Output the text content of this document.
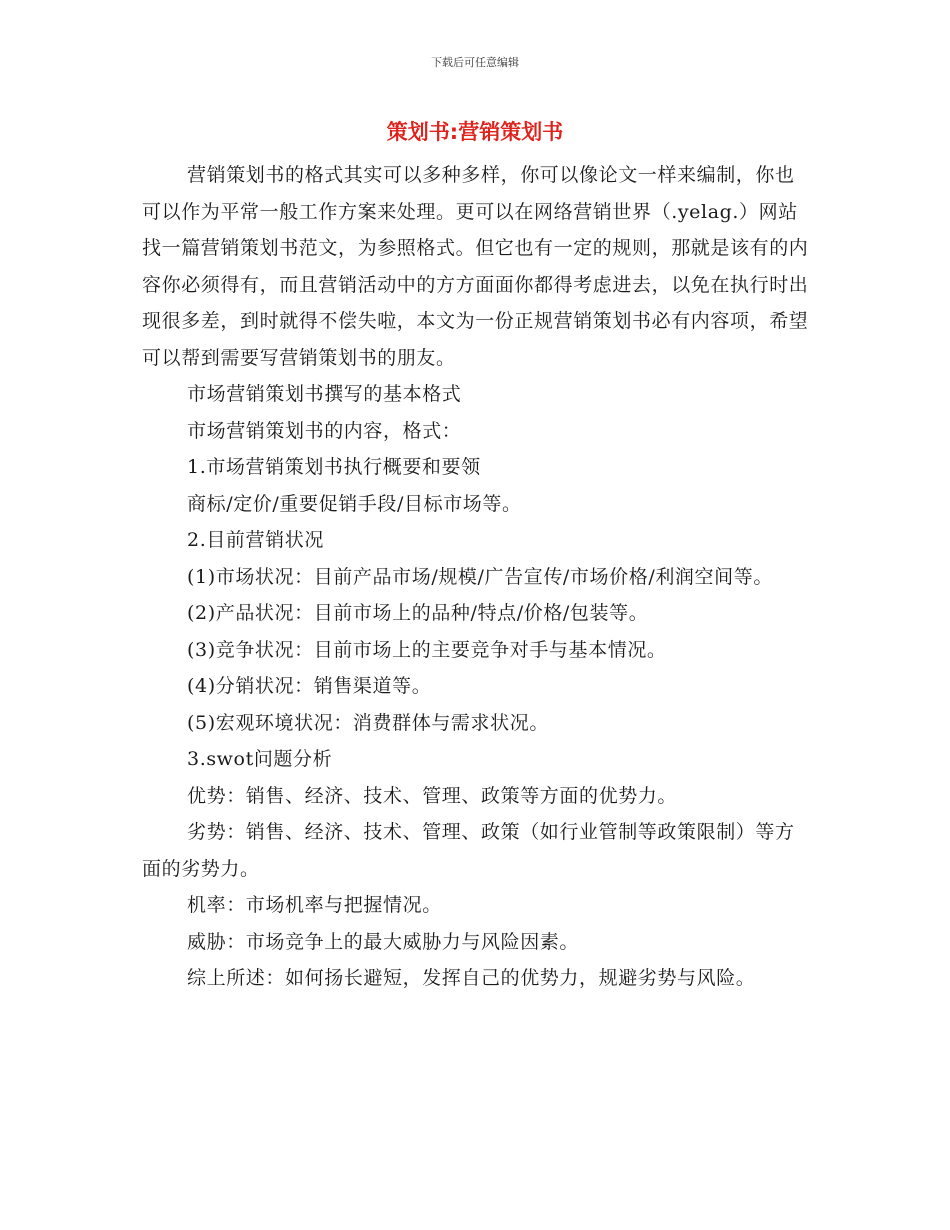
下载后可任意编辑
策划书:营销策划书

营销策划书的格式其实可以多种多样，你可以像论文一样来编制，你也可以作为平常一般工作方案来处理。更可以在网络营销世界（.yelag.）网站找一篇营销策划书范文，为参照格式。但它也有一定的规则，那就是该有的内容你必须得有，而且营销活动中的方方面面你都得考虑进去，以免在执行时出现很多差，到时就得不偿失啦，本文为一份正规营销策划书必有内容项，希望可以帮到需要写营销策划书的朋友。

市场营销策划书撰写的基本格式

市场营销策划书的内容，格式：

1.市场营销策划书执行概要和要领

商标/定价/重要促销手段/目标市场等。

2.目前营销状况

(1)市场状况：目前产品市场/规模/广告宣传/市场价格/利润空间等。

(2)产品状况：目前市场上的品种/特点/价格/包装等。

(3)竞争状况：目前市场上的主要竞争对手与基本情况。

(4)分销状况：销售渠道等。

(5)宏观环境状况：消费群体与需求状况。

3.swot问题分析

优势：销售、经济、技术、管理、政策等方面的优势力。

劣势：销售、经济、技术、管理、政策（如行业管制等政策限制）等方面的劣势力。

机率：市场机率与把握情况。

威胁：市场竞争上的最大威胁力与风险因素。

综上所述：如何扬长避短，发挥自己的优势力，规避劣势与风险。
